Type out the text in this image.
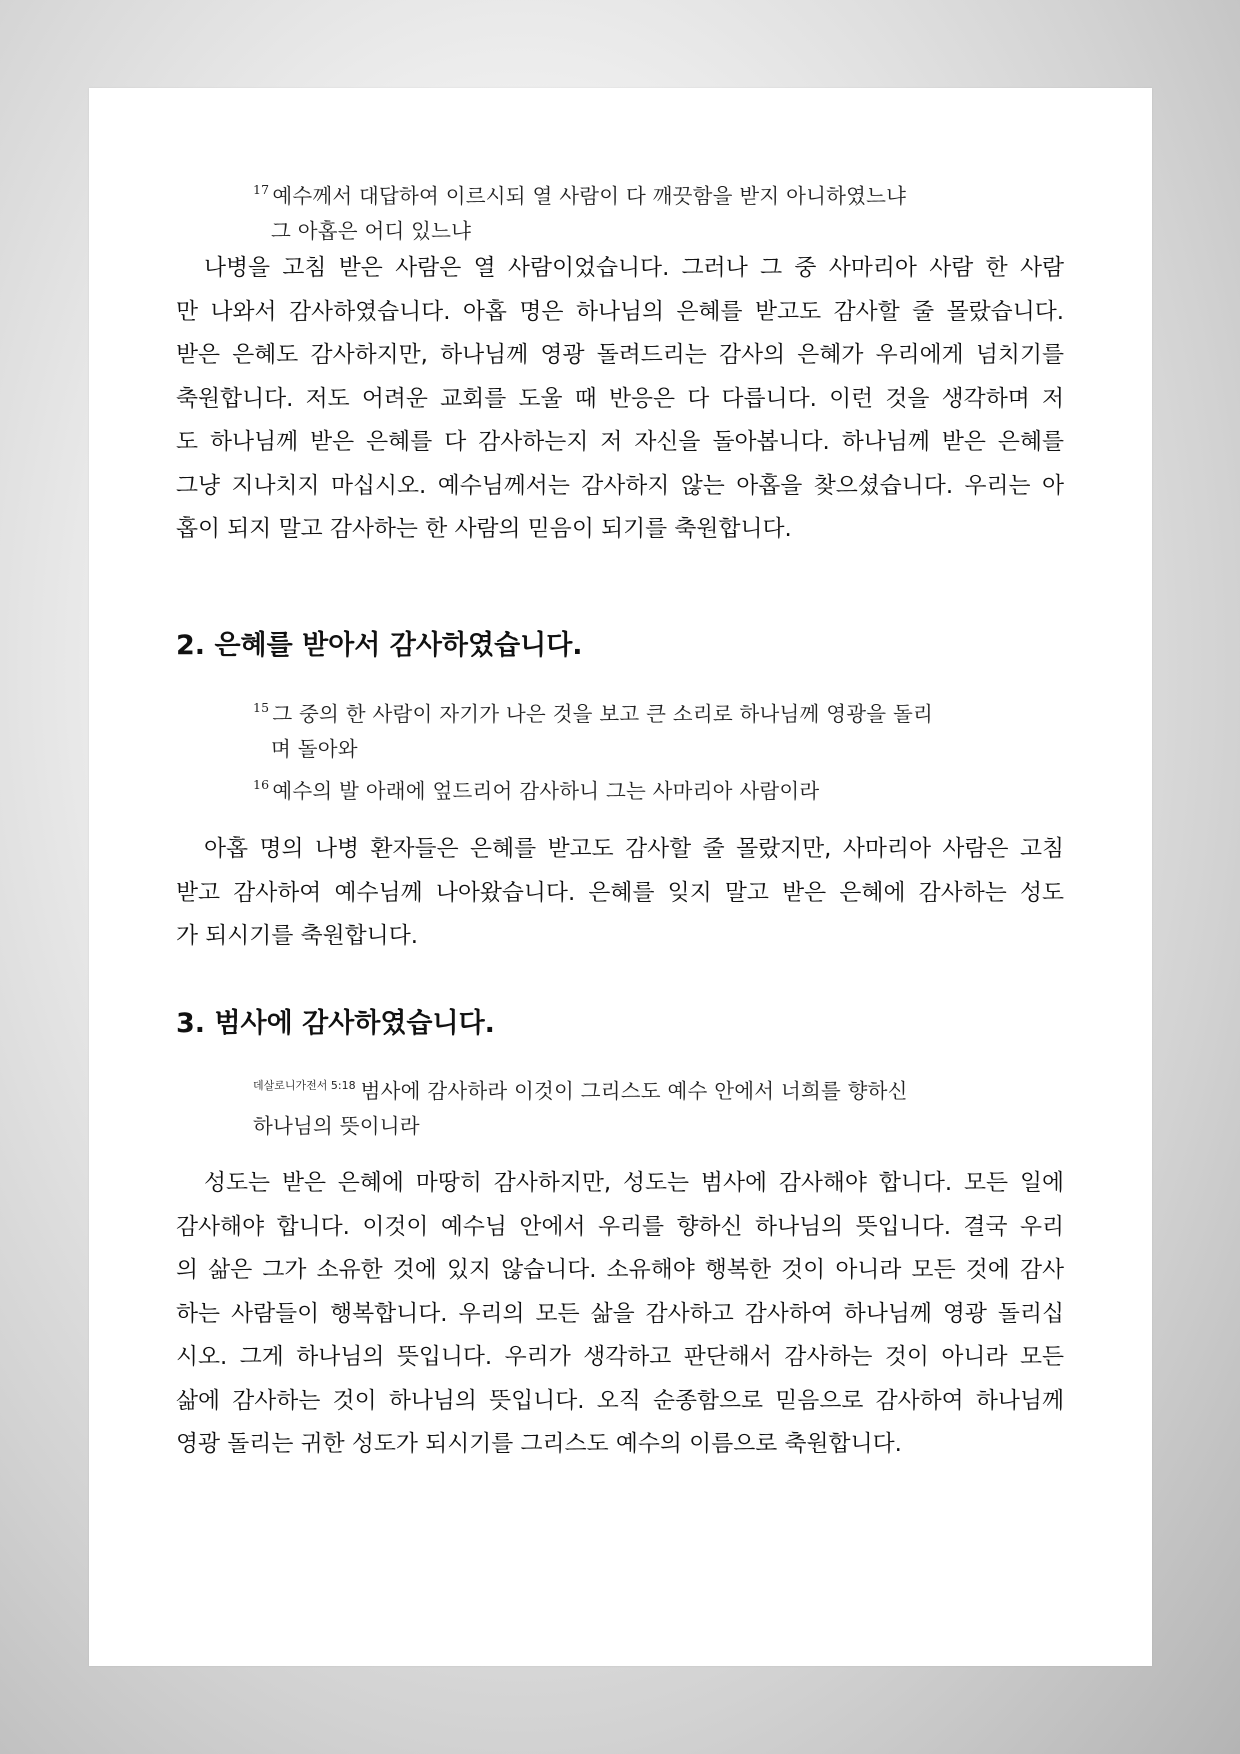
$^{17}$ 예수께서 대답하여 이르시되 열 사람이 다 깨끗함을 받지 아니하였느냐
그 아홉은 어디 있느냐
나병을 고침 받은 사람은 열 사람이었습니다. 그러나 그 중 사마리아 사람 한 사람
만 나와서 감사하였습니다. 아홉 명은 하나님의 은혜를 받고도 감사할 줄 몰랐습니다.
받은 은혜도 감사하지만, 하나님께 영광 돌려드리는 감사의 은혜가 우리에게 넘치기를
축원합니다. 저도 어려운 교회를 도울 때 반응은 다 다릅니다. 이런 것을 생각하며 저
도 하나님께 받은 은혜를 다 감사하는지 저 자신을 돌아봅니다. 하나님께 받은 은혜를
그냥 지나치지 마십시오. 예수님께서는 감사하지 않는 아홉을 찾으셨습니다. 우리는 아
홉이 되지 말고 감사하는 한 사람의 믿음이 되기를 축원합니다.
2. 은혜를 받아서 감사하였습니다.
$^{15}$ 그 중의 한 사람이 자기가 나은 것을 보고 큰 소리로 하나님께 영광을 돌리
며 돌아와
$^{16}$ 예수의 발 아래에 엎드리어 감사하니 그는 사마리아 사람이라
아홉 명의 나병 환자들은 은혜를 받고도 감사할 줄 몰랐지만, 사마리아 사람은 고침
받고 감사하여 예수님께 나아왔습니다. 은혜를 잊지 말고 받은 은혜에 감사하는 성도
가 되시기를 축원합니다.
3. 범사에 감사하였습니다.
$^{데살로니가전서 5:18}$ 범사에 감사하라 이것이 그리스도 예수 안에서 너희를 향하신
하나님의 뜻이니라
성도는 받은 은혜에 마땅히 감사하지만, 성도는 범사에 감사해야 합니다. 모든 일에
감사해야 합니다. 이것이 예수님 안에서 우리를 향하신 하나님의 뜻입니다. 결국 우리
의 삶은 그가 소유한 것에 있지 않습니다. 소유해야 행복한 것이 아니라 모든 것에 감사
하는 사람들이 행복합니다. 우리의 모든 삶을 감사하고 감사하여 하나님께 영광 돌리십
시오. 그게 하나님의 뜻입니다. 우리가 생각하고 판단해서 감사하는 것이 아니라 모든
삶에 감사하는 것이 하나님의 뜻입니다. 오직 순종함으로 믿음으로 감사하여 하나님께
영광 돌리는 귀한 성도가 되시기를 그리스도 예수의 이름으로 축원합니다.
